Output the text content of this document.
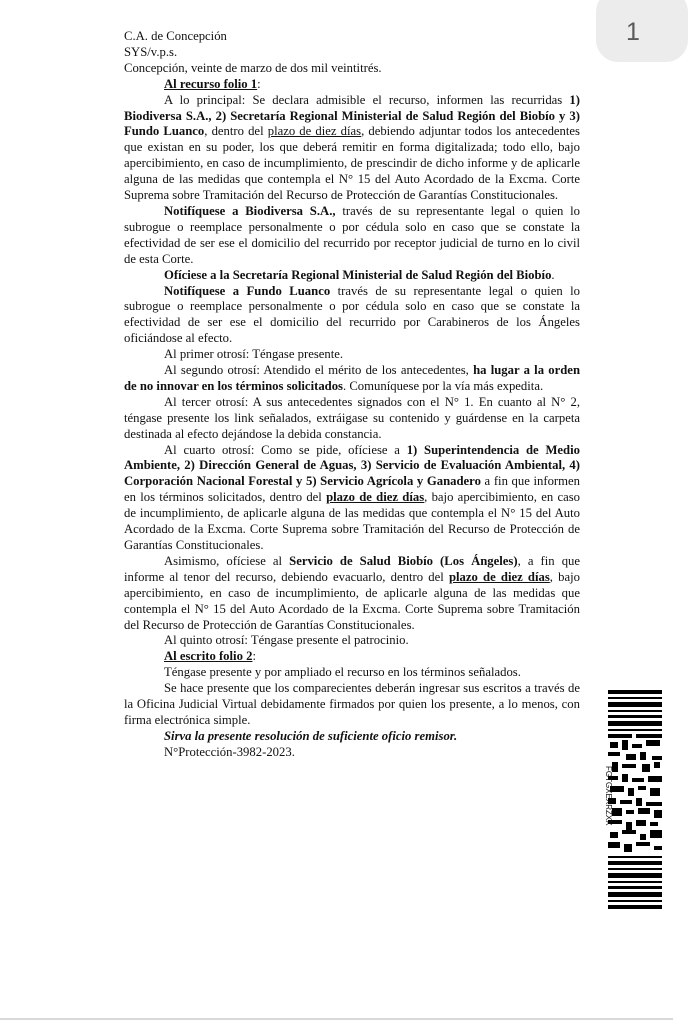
1

C.A. de Concepción

SYS/v.p.s.

Concepción, veinte de marzo de dos mil veintitrés.

Al recurso folio 1:

A lo principal: Se declara admisible el recurso, informen las recurridas 1) Biodiversa S.A., 2) Secretaría Regional Ministerial de Salud Región del Biobío y 3) Fundo Luanco, dentro del plazo de diez días, debiendo adjuntar todos los antecedentes que existan en su poder, los que deberá remitir en forma digitalizada; todo ello, bajo apercibimiento, en caso de incumplimiento, de prescindir de dicho informe y de aplicarle alguna de las medidas que contempla el N° 15 del Auto Acordado de la Excma. Corte Suprema sobre Tramitación del Recurso de Protección de Garantías Constitucionales.

Notifíquese a Biodiversa S.A., través de su representante legal o quien lo subrogue o reemplace personalmente o por cédula solo en caso que se constate la efectividad de ser ese el domicilio del recurrido por receptor judicial de turno en lo civil de esta Corte.

Ofíciese a la Secretaría Regional Ministerial de Salud Región del Biobío.

Notifíquese a Fundo Luanco través de su representante legal o quien lo subrogue o reemplace personalmente o por cédula solo en caso que se constate la efectividad de ser ese el domicilio del recurrido por Carabineros de los Ángeles oficiándose al efecto.

Al primer otrosí: Téngase presente.

Al segundo otrosí: Atendido el mérito de los antecedentes, ha lugar a la orden de no innovar en los términos solicitados. Comuníquese por la vía más expedita.

Al tercer otrosí: A sus antecedentes signados con el N° 1. En cuanto al N° 2, téngase presente los link señalados, extráigase su contenido y guárdense en la carpeta destinada al efecto dejándose la debida constancia.

Al cuarto otrosí: Como se pide, ofíciese a 1) Superintendencia de Medio Ambiente, 2) Dirección General de Aguas, 3) Servicio de Evaluación Ambiental, 4) Corporación Nacional Forestal y 5) Servicio Agrícola y Ganadero a fin que informen en los términos solicitados, dentro del plazo de diez días, bajo apercibimiento, en caso de incumplimiento, de aplicarle alguna de las medidas que contempla el N° 15 del Auto Acordado de la Excma. Corte Suprema sobre Tramitación del Recurso de Protección de Garantías Constitucionales.

Asimismo, ofíciese al Servicio de Salud Biobío (Los Ángeles), a fin que informe al tenor del recurso, debiendo evacuarlo, dentro del plazo de diez días, bajo apercibimiento, en caso de incumplimiento, de aplicarle alguna de las medidas que contempla el N° 15 del Auto Acordado de la Excma. Corte Suprema sobre Tramitación del Recurso de Protección de Garantías Constitucionales.

Al quinto otrosí: Téngase presente el patrocinio.

Al escrito folio 2:

Téngase presente y por ampliado el recurso en los términos señalados.

Se hace presente que los comparecientes deberán ingresar sus escritos a través de la Oficina Judicial Virtual debidamente firmados por quien los presente, a lo menos, con firma electrónica simple.

Sirva la presente resolución de suficiente oficio remisor.

N°Protección-3982-2023.

FGTGXEXRZXX
